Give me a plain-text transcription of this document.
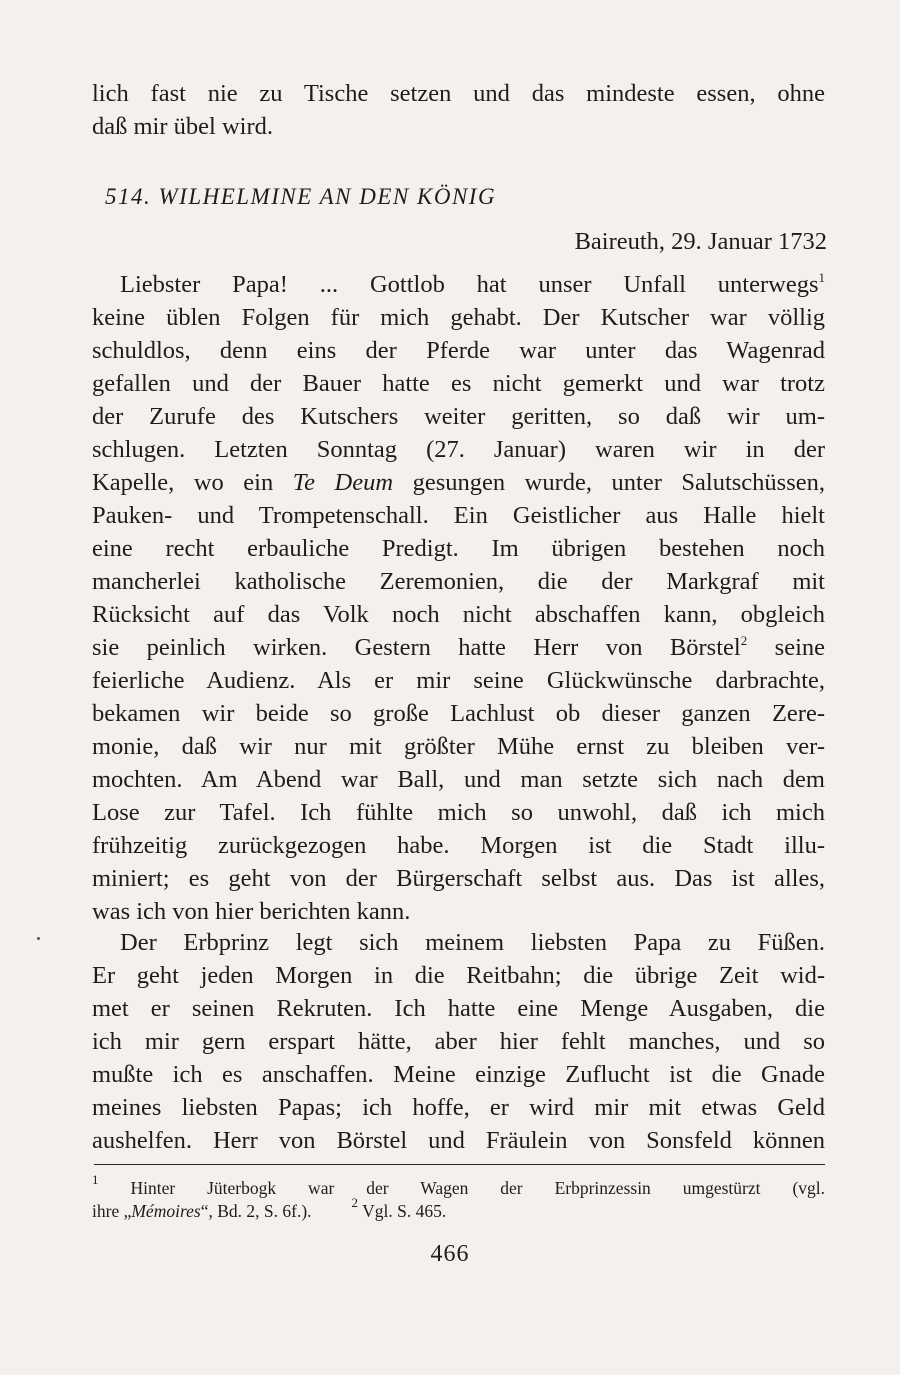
lich fast nie zu Tische setzen und das mindeste essen, ohne
daß mir übel wird.
514. WILHELMINE AN DEN KÖNIG
Baireuth, 29. Januar 1732
Liebster Papa! ... Gottlob hat unser Unfall unterwegs$^1$
keine üblen Folgen für mich gehabt. Der Kutscher war völlig
schuldlos, denn eins der Pferde war unter das Wagenrad
gefallen und der Bauer hatte es nicht gemerkt und war trotz
der Zurufe des Kutschers weiter geritten, so daß wir um-
schlugen. Letzten Sonntag (27. Januar) waren wir in der
Kapelle, wo ein Te Deum gesungen wurde, unter Salutschüssen,
Pauken- und Trompetenschall. Ein Geistlicher aus Halle hielt
eine recht erbauliche Predigt. Im übrigen bestehen noch
mancherlei katholische Zeremonien, die der Markgraf mit
Rücksicht auf das Volk noch nicht abschaffen kann, obgleich
sie peinlich wirken. Gestern hatte Herr von Börstel$^2$ seine
feierliche Audienz. Als er mir seine Glückwünsche darbrachte,
bekamen wir beide so große Lachlust ob dieser ganzen Zere-
monie, daß wir nur mit größter Mühe ernst zu bleiben ver-
mochten. Am Abend war Ball, und man setzte sich nach dem
Lose zur Tafel. Ich fühlte mich so unwohl, daß ich mich
frühzeitig zurückgezogen habe. Morgen ist die Stadt illu-
miniert; es geht von der Bürgerschaft selbst aus. Das ist alles,
was ich von hier berichten kann.
Der Erbprinz legt sich meinem liebsten Papa zu Füßen.
Er geht jeden Morgen in die Reitbahn; die übrige Zeit wid-
met er seinen Rekruten. Ich hatte eine Menge Ausgaben, die
ich mir gern erspart hätte, aber hier fehlt manches, und so
mußte ich es anschaffen. Meine einzige Zuflucht ist die Gnade
meines liebsten Papas; ich hoffe, er wird mir mit etwas Geld
aushelfen. Herr von Börstel und Fräulein von Sonsfeld können
$^1$ Hinter Jüterbogk war der Wagen der Erbprinzessin umgestürzt (vgl.
ihre „Mémoires“, Bd. 2, S. 6f.).	$^2$ Vgl. S. 465.
466
